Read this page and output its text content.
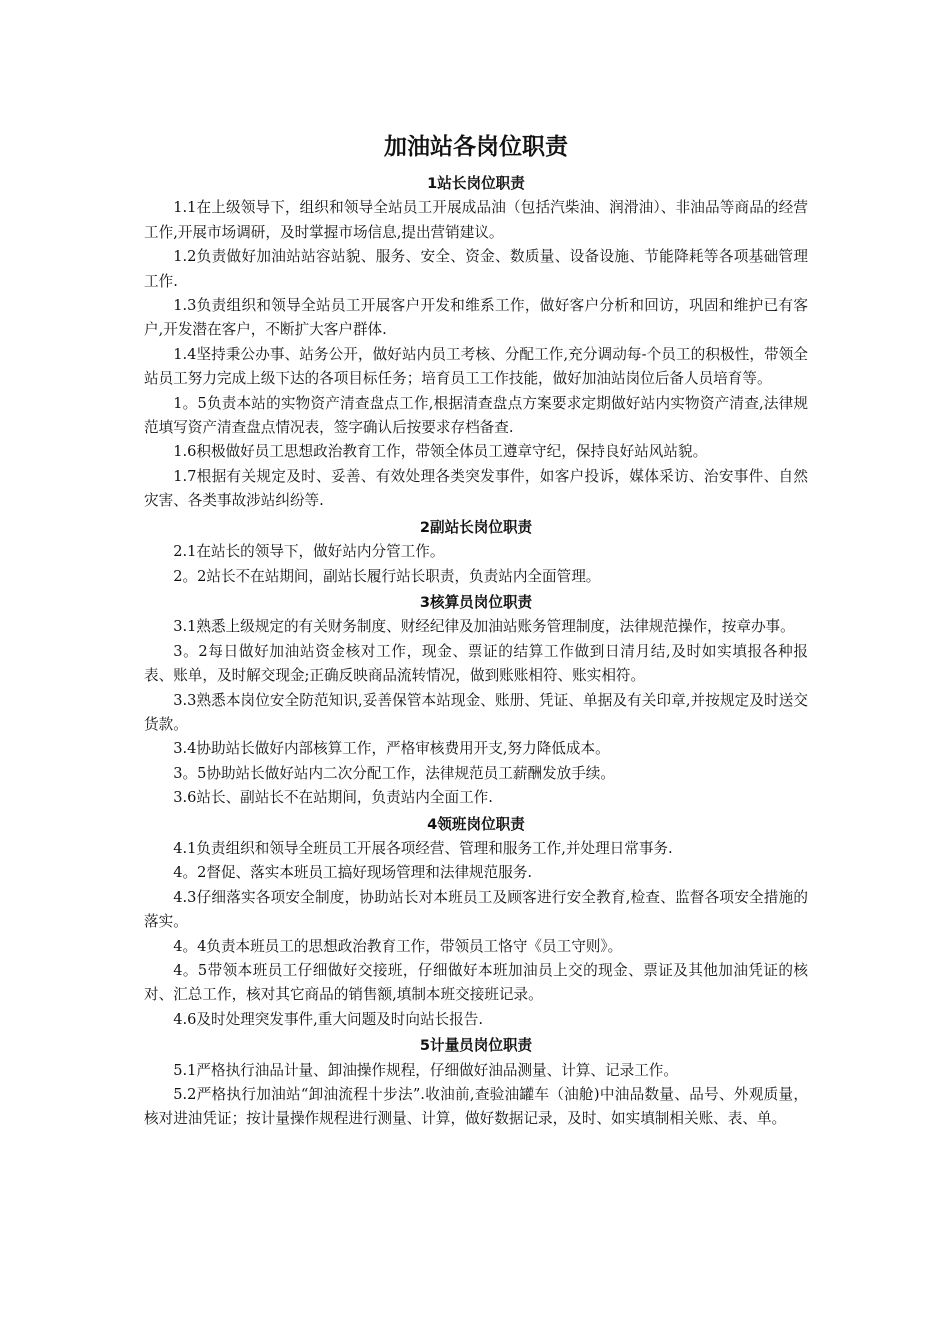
加油站各岗位职责
1站长岗位职责

1.1在上级领导下，组织和领导全站员工开展成品油（包括汽柴油、润滑油）、非油品等商品的经营工作,开展市场调研，及时掌握市场信息,提出营销建议。

1.2负责做好加油站站容站貌、服务、安全、资金、数质量、设备设施、节能降耗等各项基础管理工作.

1.3负责组织和领导全站员工开展客户开发和维系工作，做好客户分析和回访，巩固和维护已有客户,开发潜在客户，不断扩大客户群体.

1.4坚持秉公办事、站务公开，做好站内员工考核、分配工作,充分调动每-个员工的积极性，带领全站员工努力完成上级下达的各项目标任务；培育员工工作技能，做好加油站岗位后备人员培育等。

1。5负责本站的实物资产清查盘点工作,根据清查盘点方案要求定期做好站内实物资产清查,法律规范填写资产清查盘点情况表，签字确认后按要求存档备查.

1.6积极做好员工思想政治教育工作，带领全体员工遵章守纪，保持良好站风站貌。

1.7根据有关规定及时、妥善、有效处理各类突发事件，如客户投诉，媒体采访、治安事件、自然灾害、各类事故涉站纠纷等.

2副站长岗位职责

2.1在站长的领导下，做好站内分管工作。

2。2站长不在站期间，副站长履行站长职责，负责站内全面管理。

3核算员岗位职责

3.1熟悉上级规定的有关财务制度、财经纪律及加油站账务管理制度，法律规范操作，按章办事。

3。2每日做好加油站资金核对工作，现金、票证的结算工作做到日清月结,及时如实填报各种报表、账单，及时解交现金;正确反映商品流转情况，做到账账相符、账实相符。

3.3熟悉本岗位安全防范知识,妥善保管本站现金、账册、凭证、单据及有关印章,并按规定及时送交货款。

3.4协助站长做好内部核算工作，严格审核费用开支,努力降低成本。

3。5协助站长做好站内二次分配工作，法律规范员工薪酬发放手续。

3.6站长、副站长不在站期间，负责站内全面工作.

4领班岗位职责

4.1负责组织和领导全班员工开展各项经营、管理和服务工作,并处理日常事务.

4。2督促、落实本班员工搞好现场管理和法律规范服务.

4.3仔细落实各项安全制度，协助站长对本班员工及顾客进行安全教育,检查、监督各项安全措施的落实。

4。4负责本班员工的思想政治教育工作，带领员工恪守《员工守则》。

4。5带领本班员工仔细做好交接班，仔细做好本班加油员上交的现金、票证及其他加油凭证的核对、汇总工作，核对其它商品的销售额,填制本班交接班记录。

4.6及时处理突发事件,重大问题及时向站长报告.

5计量员岗位职责

5.1严格执行油品计量、卸油操作规程，仔细做好油品测量、计算、记录工作。

5.2严格执行加油站“卸油流程十步法”.收油前,查验油罐车（油舱)中油品数量、品号、外观质量，核对进油凭证；按计量操作规程进行测量、计算，做好数据记录，及时、如实填制相关账、表、单。
